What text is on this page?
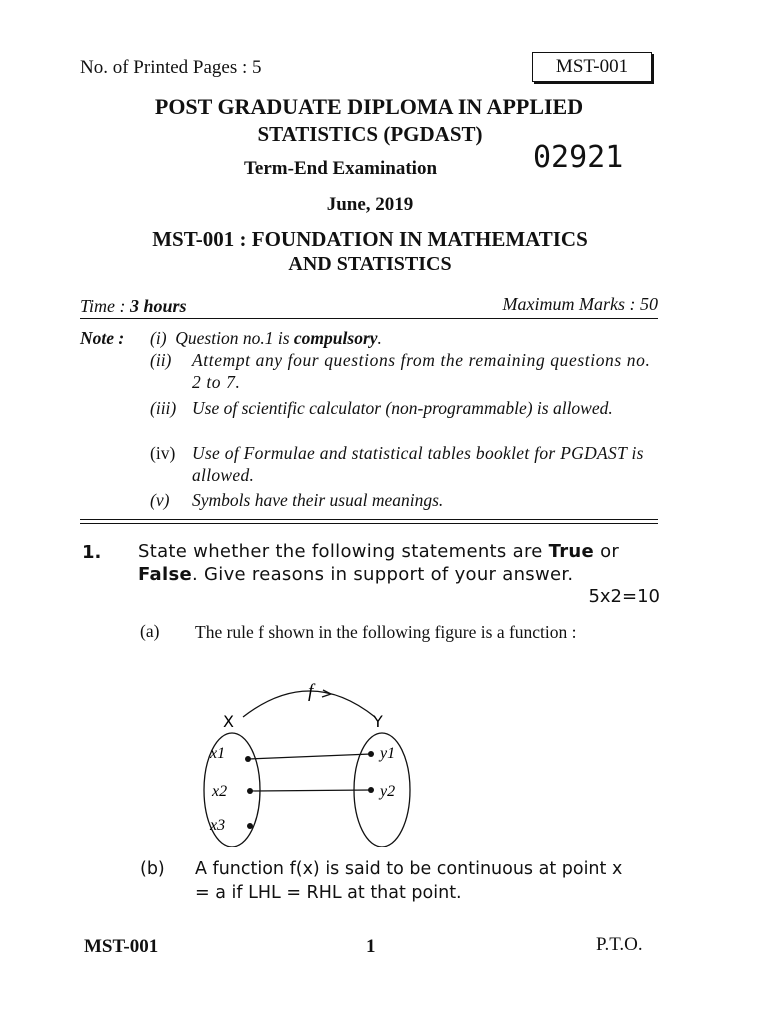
No. of Printed Pages : 5	MST-001
POST GRADUATE DIPLOMA IN APPLIED
STATISTICS (PGDAST)
02921
Term-End Examination
June, 2019
MST-001 : FOUNDATION IN MATHEMATICS
AND STATISTICS
Time : 3 hours	Maximum Marks : 50
Note : (i) Question no.1 is compulsory.
(ii)	Attempt any four questions from the remaining questions no. 2 to 7.
(iii) Use of scientific calculator (non-programmable) is allowed.
(iv) Use of Formulae and statistical tables booklet for PGDAST is allowed.
(v)	Symbols have their usual meanings.
1. State whether the following statements are True or False. Give reasons in support of your answer.
5x2=10
(a) The rule f shown in the following figure is a function :
f
X	Y
x1
x2
x3
y1
y2
(b) A function f(x) is said to be continuous at point x = a if LHL = RHL at that point.
MST-001	1	P.T.O.
